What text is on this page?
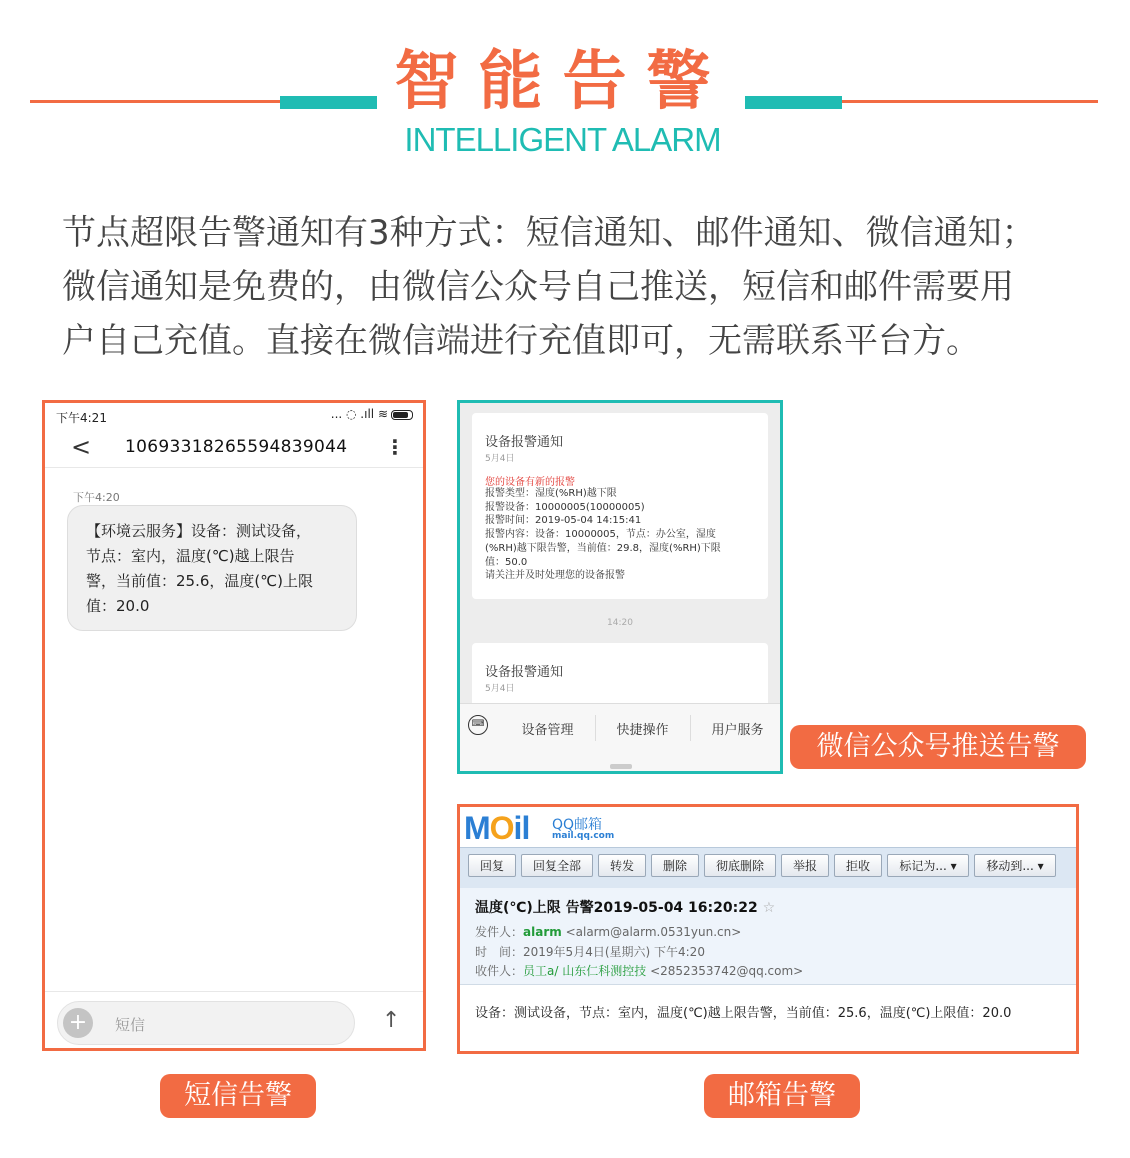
智能告警
INTELLIGENT ALARM
节点超限告警通知有3种方式：短信通知、邮件通知、微信通知；
微信通知是免费的，由微信公众号自己推送，短信和邮件需要用
户自己充值。直接在微信端进行充值即可，无需联系平台方。
下午4:21	... ◌ .ıll ≋
< 10693318265594839044 ⋮
下午4:20
【环境云服务】设备：测试设备，
节点：室内，温度(℃)越上限告
警，当前值：25.6，温度(℃)上限
值：20.0
+	短信	↑
短信告警
设备报警通知
5月4日
您的设备有新的报警
报警类型：湿度(%RH)越下限
报警设备：10000005(10000005)
报警时间：2019-05-04 14:15:41
报警内容：设备：10000005，节点：办公室，湿度
(%RH)越下限告警，当前值：29.8，湿度(%RH)下限
值：50.0
请关注并及时处理您的设备报警
14:20
设备报警通知
5月4日
⌨	设备管理	快捷操作	用户服务
微信公众号推送告警
MOil QQ邮箱
mail.qq.com
回复	回复全部	转发	删除	彻底删除	举报	拒收	标记为... ▾	移动到... ▾
温度(℃)上限 告警2019-05-04 16:20:22 ☆
发件人：alarm <alarm@alarm.0531yun.cn>
时　间：2019年5月4日(星期六) 下午4:20
收件人：员工a/ 山东仁科测控技 <2852353742@qq.com>
设备：测试设备，节点：室内，温度(℃)越上限告警，当前值：25.6，温度(℃)上限值：20.0
邮箱告警
